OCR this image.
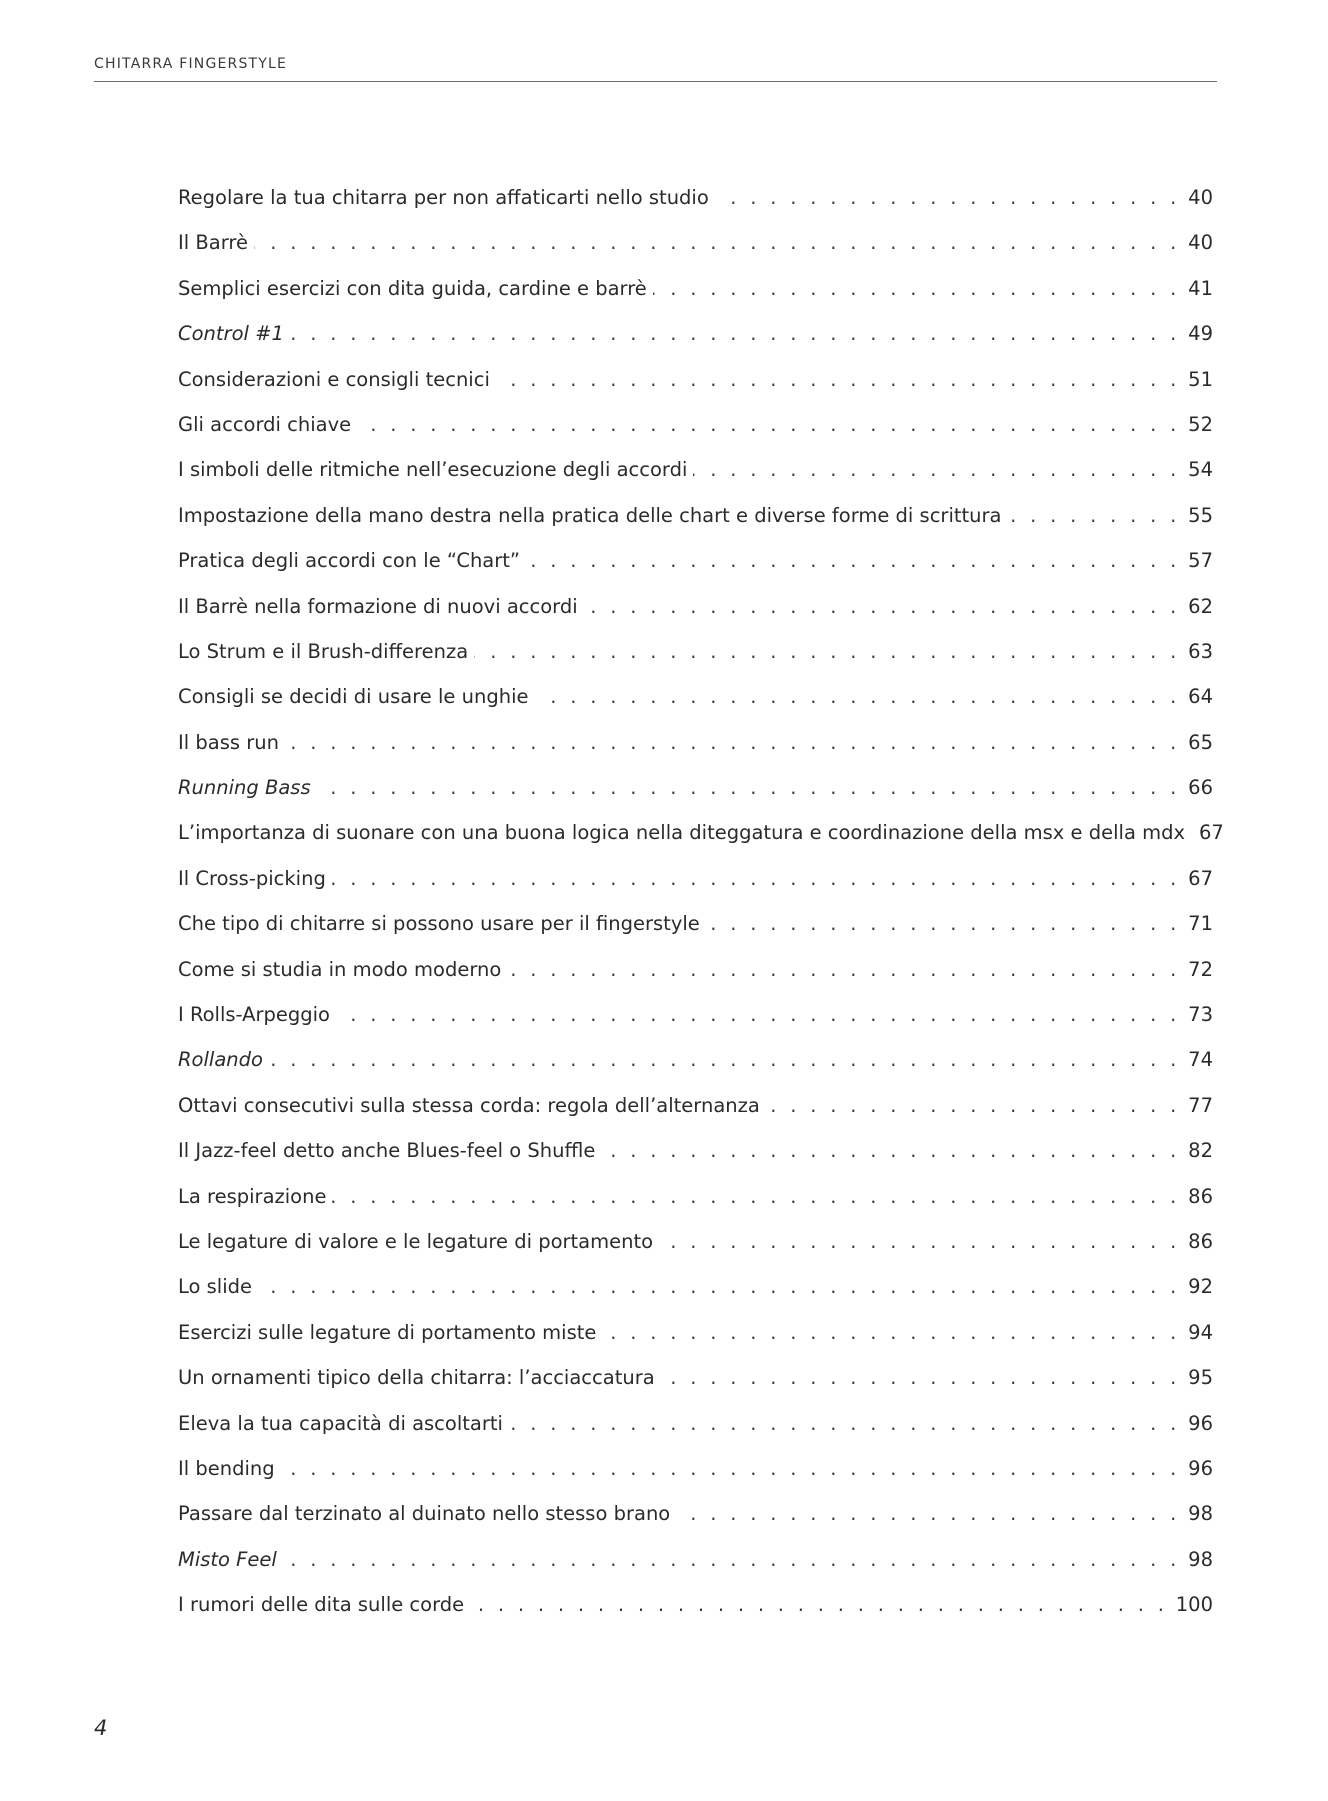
CHITARRA FINGERSTYLE
Regolare la tua chitarra per non affaticarti nello studio . . .	40
Il Barrè . . .	40
Semplici esercizi con dita guida, cardine e barrè . . .	41
Control #1 . . .	49
Considerazioni e consigli tecnici . . .	51
Gli accordi chiave . . .	52
I simboli delle ritmiche nell’esecuzione degli accordi . . .	54
Impostazione della mano destra nella pratica delle chart e diverse forme di scrittura . . .	55
Pratica degli accordi con le “Chart” . . .	57
Il Barrè nella formazione di nuovi accordi . . .	62
Lo Strum e il Brush-differenza . . .	63
Consigli se decidi di usare le unghie . . .	64
Il bass run . . .	65
Running Bass . . .	66
L’importanza di suonare con una buona logica nella diteggatura e coordinazione della msx e della mdx 67
Il Cross-picking . . .	67
Che tipo di chitarre si possono usare per il fingerstyle . . .	71
Come si studia in modo moderno . . .	72
I Rolls-Arpeggio . . .	73
Rollando . . .	74
Ottavi consecutivi sulla stessa corda: regola dell’alternanza . . .	77
Il Jazz-feel detto anche Blues-feel o Shuffle . . .	82
La respirazione . . .	86
Le legature di valore e le legature di portamento . . .	86
Lo slide . . .	92
Esercizi sulle legature di portamento miste . . .	94
Un ornamenti tipico della chitarra: l’acciaccatura . . .	95
Eleva la tua capacità di ascoltarti . . .	96
Il bending . . .	96
Passare dal terzinato al duinato nello stesso brano . . .	98
Misto Feel . . .	98
I rumori delle dita sulle corde . . .	100
4
